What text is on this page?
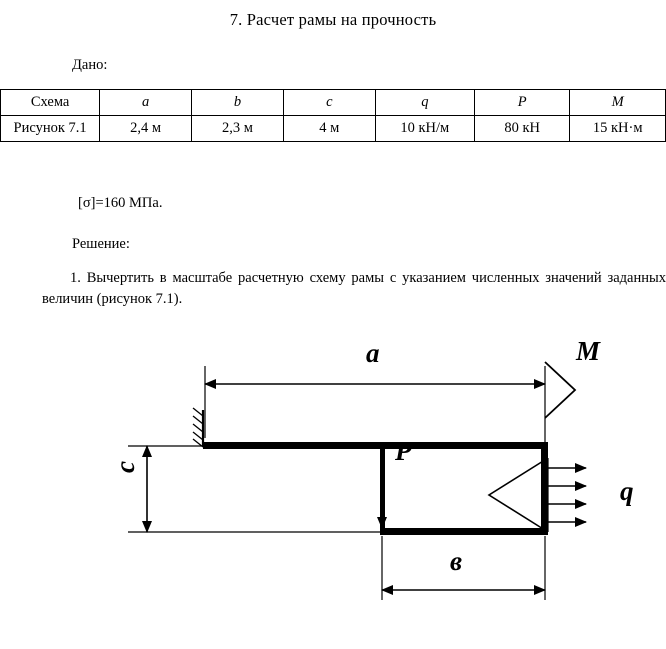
7. Расчет рамы на прочность
Дано:
Схема	a	b	c	q	P	M
Рисунок 7.1	2,4 м	2,3 м	4 м	10 кН/м	80 кН	15 кН·м
[σ]=160 МПа.
Решение:
1. Вычертить в масштабе расчетную схему рамы с указанием численных значений заданных величин (рисунок 7.1).
a	M
P
q
c
в
